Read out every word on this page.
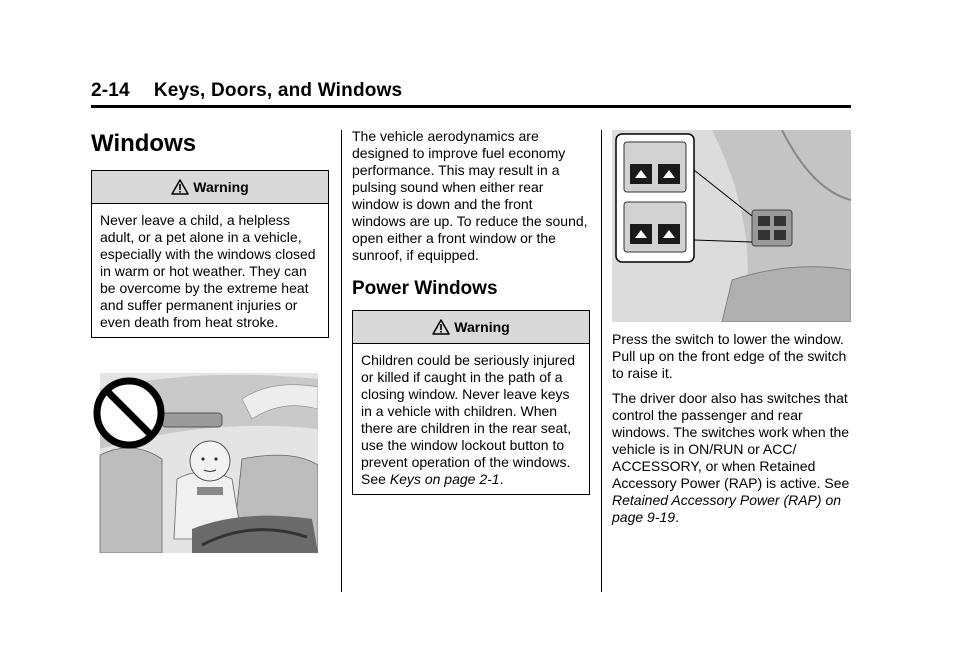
2-14 Keys, Doors, and Windows
Windows
Warning

Never leave a child, a helpless adult, or a pet alone in a vehicle, especially with the windows closed in warm or hot weather. They can be overcome by the extreme heat and suffer permanent injuries or even death from heat stroke.

The vehicle aerodynamics are designed to improve fuel economy performance. This may result in a pulsing sound when either rear window is down and the front windows are up. To reduce the sound, open either a front window or the sunroof, if equipped.

Power Windows
Warning

Children could be seriously injured or killed if caught in the path of a closing window. Never leave keys in a vehicle with children. When there are children in the rear seat, use the window lockout button to prevent operation of the windows. See Keys on page 2-1.

Press the switch to lower the window. Pull up on the front edge of the switch to raise it.

The driver door also has switches that control the passenger and rear windows. The switches work when the vehicle is in ON/RUN or ACC/ ACCESSORY, or when Retained Accessory Power (RAP) is active. See Retained Accessory Power (RAP) on page 9-19.
